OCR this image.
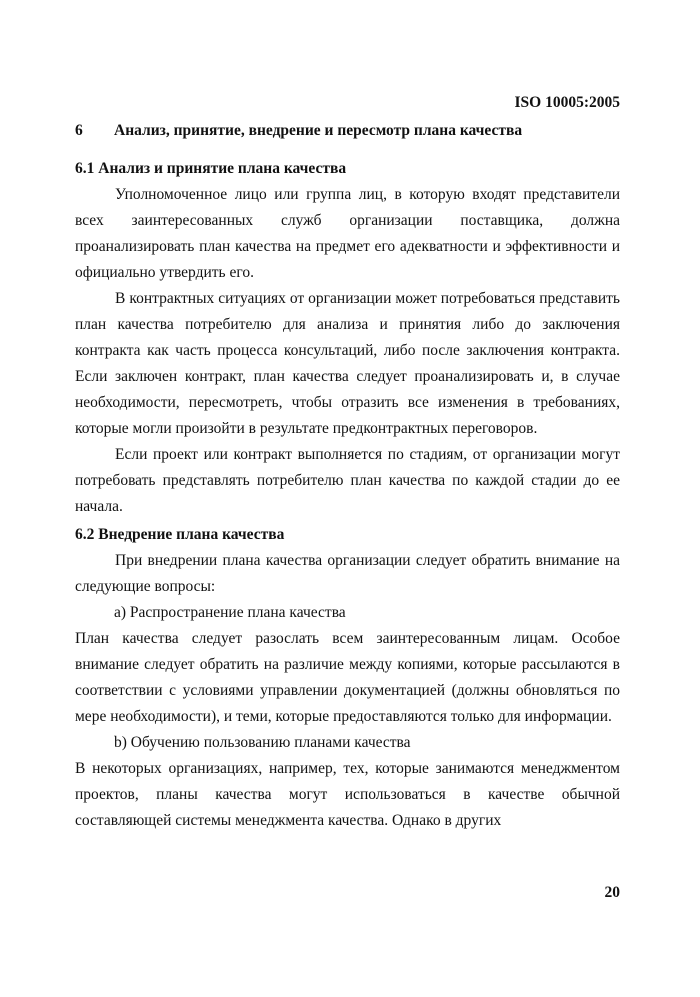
ISO 10005:2005
6	Анализ, принятие, внедрение и пересмотр плана качества
6.1 Анализ и принятие плана качества

Уполномоченное лицо или группа лиц, в которую входят представители всех заинтересованных служб организации поставщика, должна проанализировать план качества на предмет его адекватности и эффективности и официально утвердить его.

В контрактных ситуациях от организации может потребоваться представить план качества потребителю для анализа и принятия либо до заключения контракта как часть процесса консультаций, либо после заключения контракта. Если заключен контракт, план качества следует проанализировать и, в случае необходимости, пересмотреть, чтобы отразить все изменения в требованиях, которые могли произойти в результате предконтрактных переговоров.

Если проект или контракт выполняется по стадиям, от организации могут потребовать представлять потребителю план качества по каждой стадии до ее начала.

6.2 Внедрение плана качества

При внедрении плана качества организации следует обратить внимание на следующие вопросы:

a) Распространение плана качества

План качества следует разослать всем заинтересованным лицам. Особое внимание следует обратить на различие между копиями, которые рассылаются в соответствии с условиями управлении документацией (должны обновляться по мере необходимости), и теми, которые предоставляются только для информации.

b) Обучению пользованию планами качества

В некоторых организациях, например, тех, которые занимаются менеджментом проектов, планы качества могут использоваться в качестве обычной составляющей системы менеджмента качества. Однако в других

20
